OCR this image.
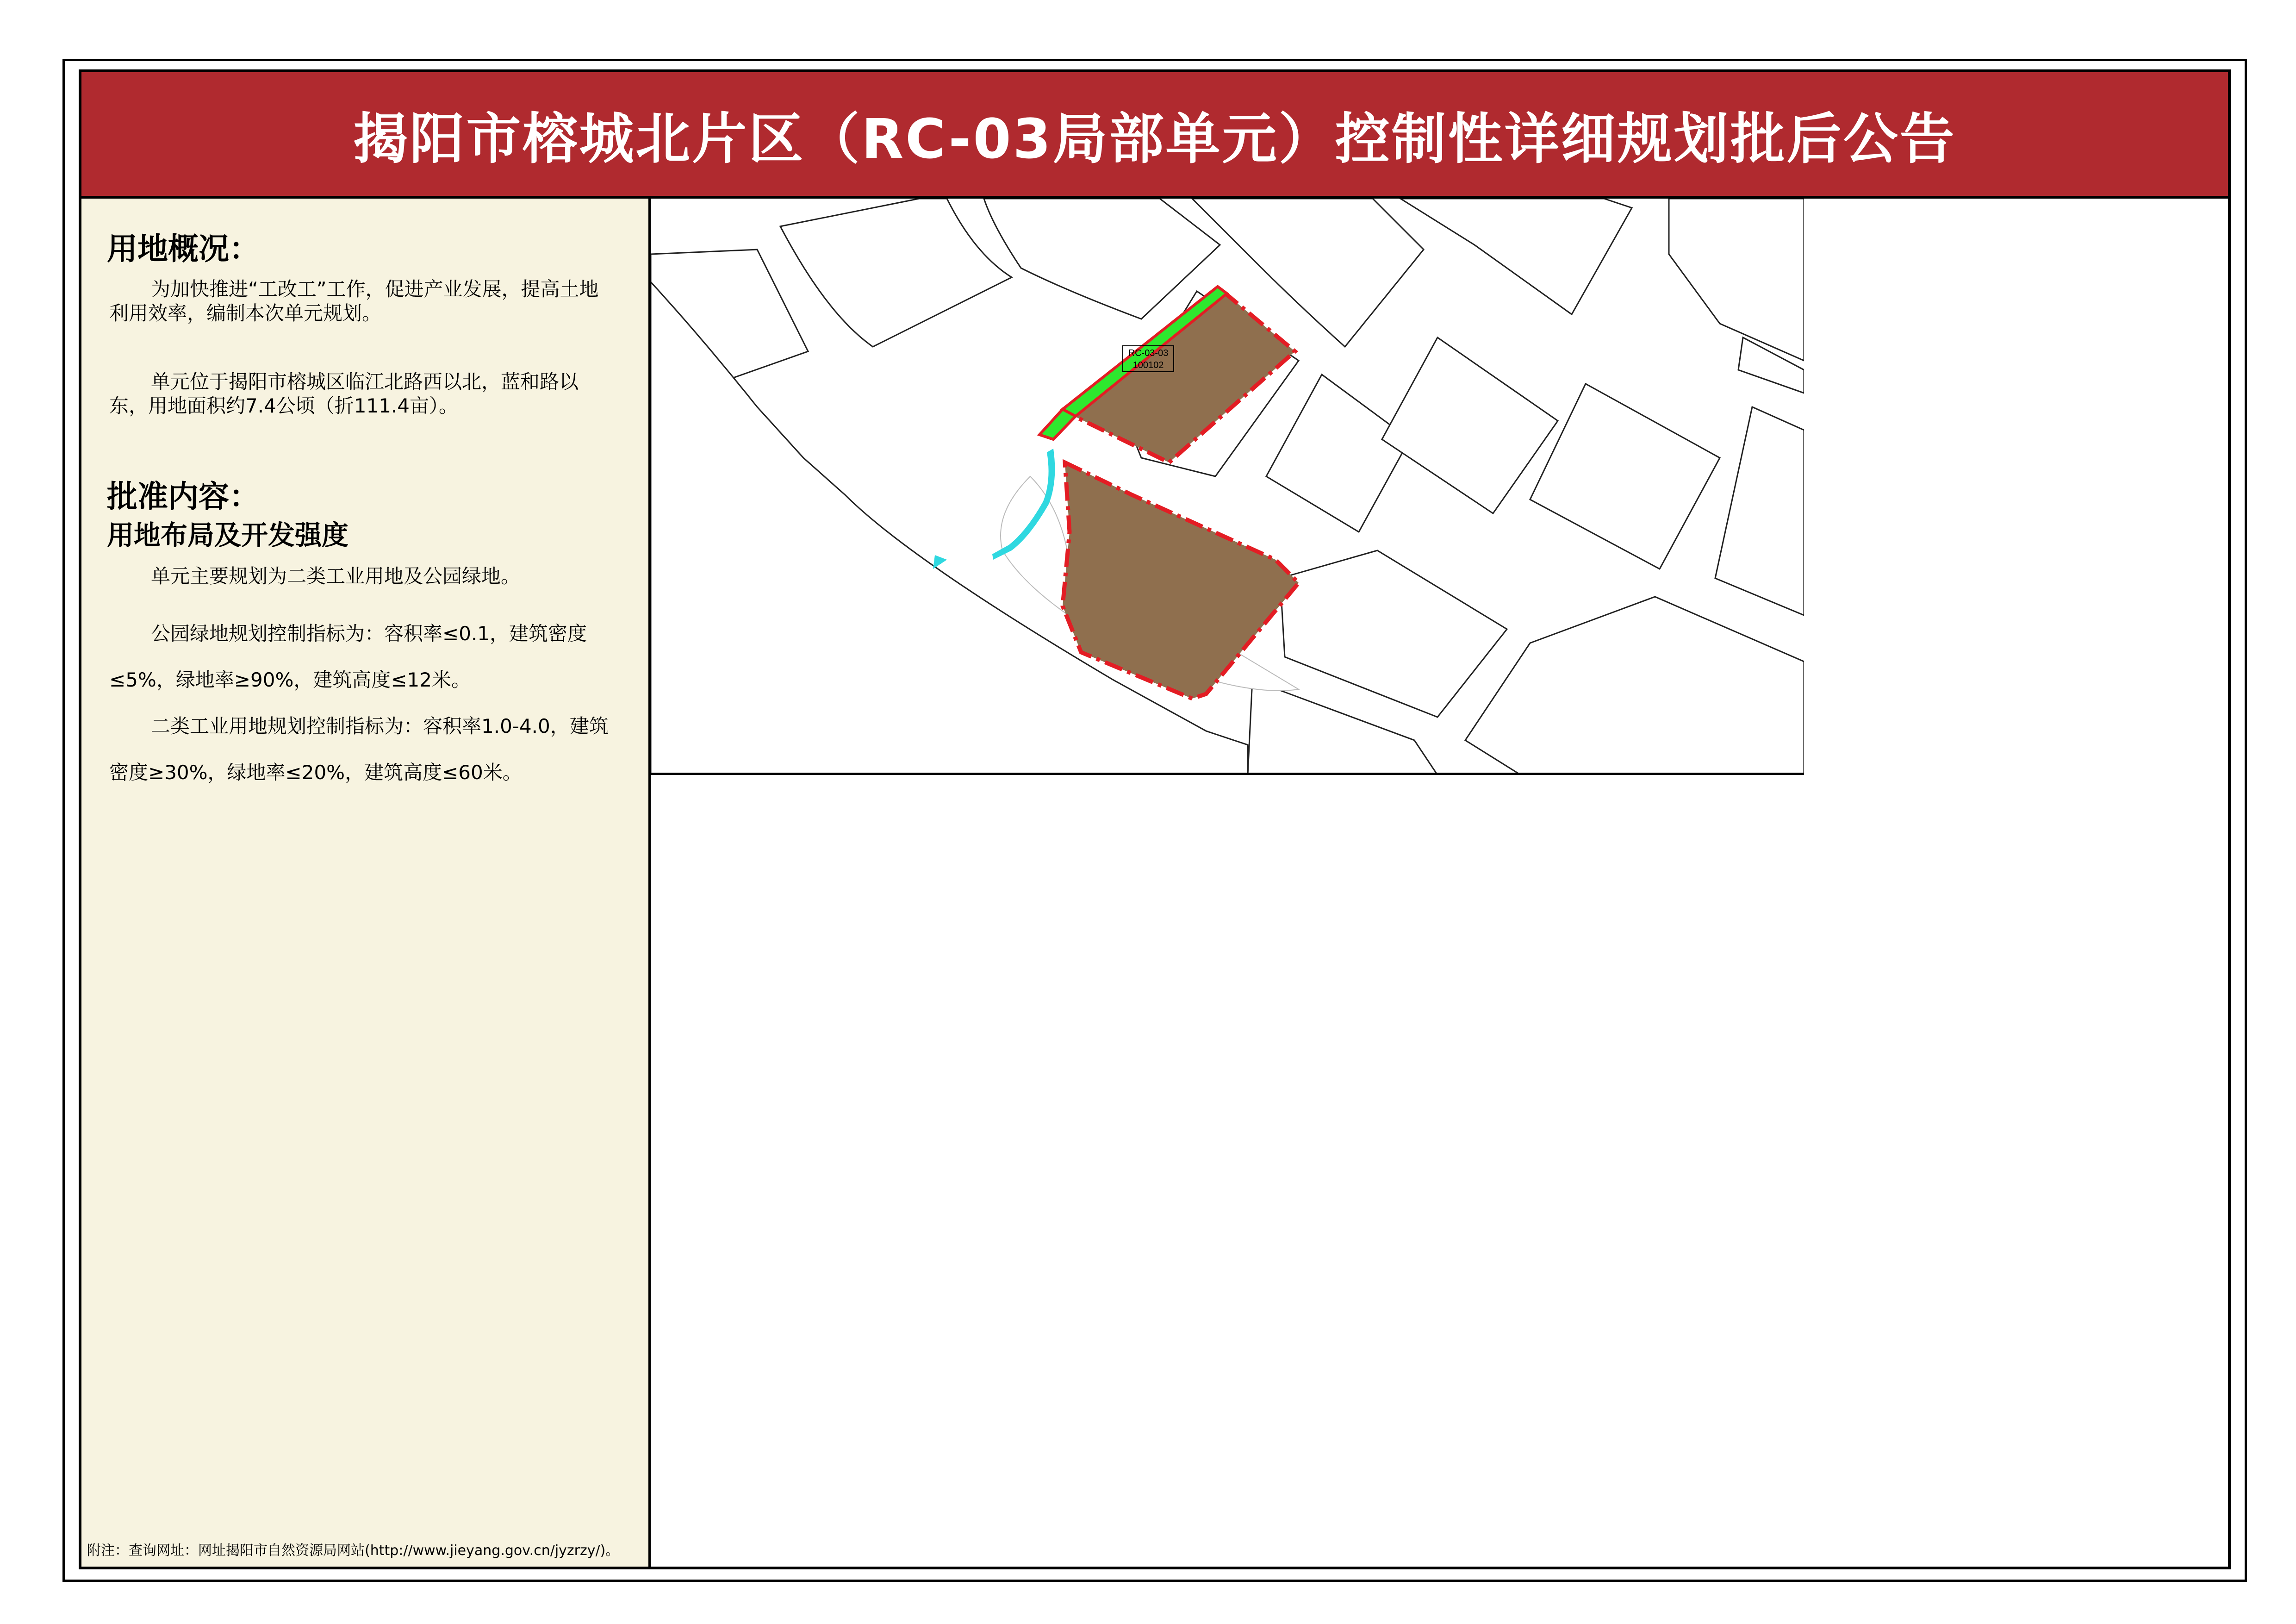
揭阳市榕城北片区（RC-03局部单元）控制性详细规划批后公告
用地概况：
为加快推进“工改工”工作，促进产业发展，提高土地利用效率，编制本次单元规划。
单元位于揭阳市榕城区临江北路西以北，蓝和路以东，用地面积约7.4公顷（折111.4亩）。
批准内容：
用地布局及开发强度
单元主要规划为二类工业用地及公园绿地。
公园绿地规划控制指标为：容积率≤0.1，建筑密度≤5%，绿地率≥90%，建筑高度≤12米。
二类工业用地规划控制指标为：容积率1.0-4.0，建筑密度≥30%，绿地率≤20%，建筑高度≤60米。
附注：查询网址：网址揭阳市自然资源局网站(http://www.jieyang.gov.cn/jyzrzy/)。
RC-03-03
100102
